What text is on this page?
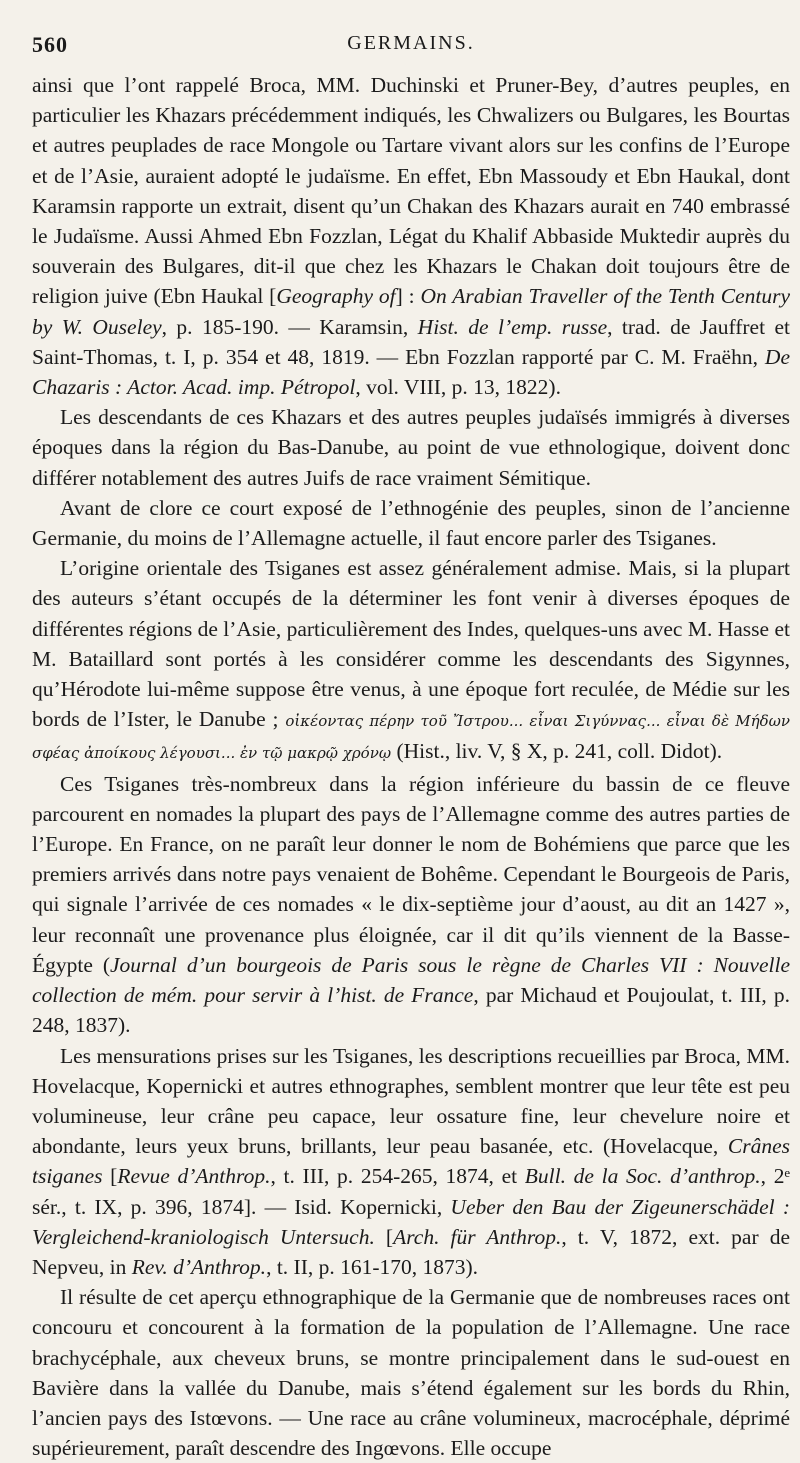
560	GERMAINS.

ainsi que l’ont rappelé Broca, MM. Duchinski et Pruner-Bey, d’autres peuples, en particulier les Khazars précédemment indiqués, les Chwalizers ou Bulgares, les Bourtas et autres peuplades de race Mongole ou Tartare vivant alors sur les confins de l’Europe et de l’Asie, auraient adopté le judaïsme. En effet, Ebn Massoudy et Ebn Haukal, dont Karamsin rapporte un extrait, disent qu’un Chakan des Khazars aurait en 740 embrassé le Judaïsme. Aussi Ahmed Ebn Fozzlan, Légat du Khalif Abbaside Muktedir auprès du souverain des Bulgares, dit-il que chez les Khazars le Chakan doit toujours être de religion juive (Ebn Haukal [Geography of] : On Arabian Traveller of the Tenth Century by W. Ouseley, p. 185-190. — Karamsin, Hist. de l’emp. russe, trad. de Jauffret et Saint-Thomas, t. I, p. 354 et 48, 1819. — Ebn Fozzlan rapporté par C. M. Fraëhn, De Chazaris : Actor. Acad. imp. Pétropol, vol. VIII, p. 13, 1822).

Les descendants de ces Khazars et des autres peuples judaïsés immigrés à diverses époques dans la région du Bas-Danube, au point de vue ethnologique, doivent donc différer notablement des autres Juifs de race vraiment Sémitique.

Avant de clore ce court exposé de l’ethnogénie des peuples, sinon de l’ancienne Germanie, du moins de l’Allemagne actuelle, il faut encore parler des Tsiganes.

L’origine orientale des Tsiganes est assez généralement admise. Mais, si la plupart des auteurs s’étant occupés de la déterminer les font venir à diverses époques de différentes régions de l’Asie, particulièrement des Indes, quelques-uns avec M. Hasse et M. Bataillard sont portés à les considérer comme les descendants des Sigynnes, qu’Hérodote lui-même suppose être venus, à une époque fort reculée, de Médie sur les bords de l’Ister, le Danube ; οἰκέοντας πέρην τοῦ Ἴστρου... εἶναι Σιγύννας... εἶναι δὲ Μήδων σφέας ἀποίκους λέγουσι... ἐν τῷ μακρῷ χρόνῳ (Hist., liv. V, § X, p. 241, coll. Didot).

Ces Tsiganes très-nombreux dans la région inférieure du bassin de ce fleuve parcourent en nomades la plupart des pays de l’Allemagne comme des autres parties de l’Europe. En France, on ne paraît leur donner le nom de Bohémiens que parce que les premiers arrivés dans notre pays venaient de Bohême. Cependant le Bourgeois de Paris, qui signale l’arrivée de ces nomades « le dix-septième jour d’aoust, au dit an 1427 », leur reconnaît une provenance plus éloignée, car il dit qu’ils viennent de la Basse-Égypte (Journal d’un bourgeois de Paris sous le règne de Charles VII : Nouvelle collection de mém. pour servir à l’hist. de France, par Michaud et Poujoulat, t. III, p. 248, 1837).

Les mensurations prises sur les Tsiganes, les descriptions recueillies par Broca, MM. Hovelacque, Kopernicki et autres ethnographes, semblent montrer que leur tête est peu volumineuse, leur crâne peu capace, leur ossature fine, leur chevelure noire et abondante, leurs yeux bruns, brillants, leur peau basanée, etc. (Hovelacque, Crânes tsiganes [Revue d’Anthrop., t. III, p. 254-265, 1874, et Bull. de la Soc. d’anthrop., 2ᵉ sér., t. IX, p. 396, 1874]. — Isid. Kopernicki, Ueber den Bau der Zigeunerschädel : Vergleichend-kraniologisch Untersuch. [Arch. für Anthrop., t. V, 1872, ext. par de Nepveu, in Rev. d’Anthrop., t. II, p. 161-170, 1873).

Il résulte de cet aperçu ethnographique de la Germanie que de nombreuses races ont concouru et concourent à la formation de la population de l’Allemagne. Une race brachycéphale, aux cheveux bruns, se montre principalement dans le sud-ouest en Bavière dans la vallée du Danube, mais s’étend également sur les bords du Rhin, l’ancien pays des Istœvons. — Une race au crâne volumineux, macrocéphale, déprimé supérieurement, paraît descendre des Ingœvons. Elle occupe
